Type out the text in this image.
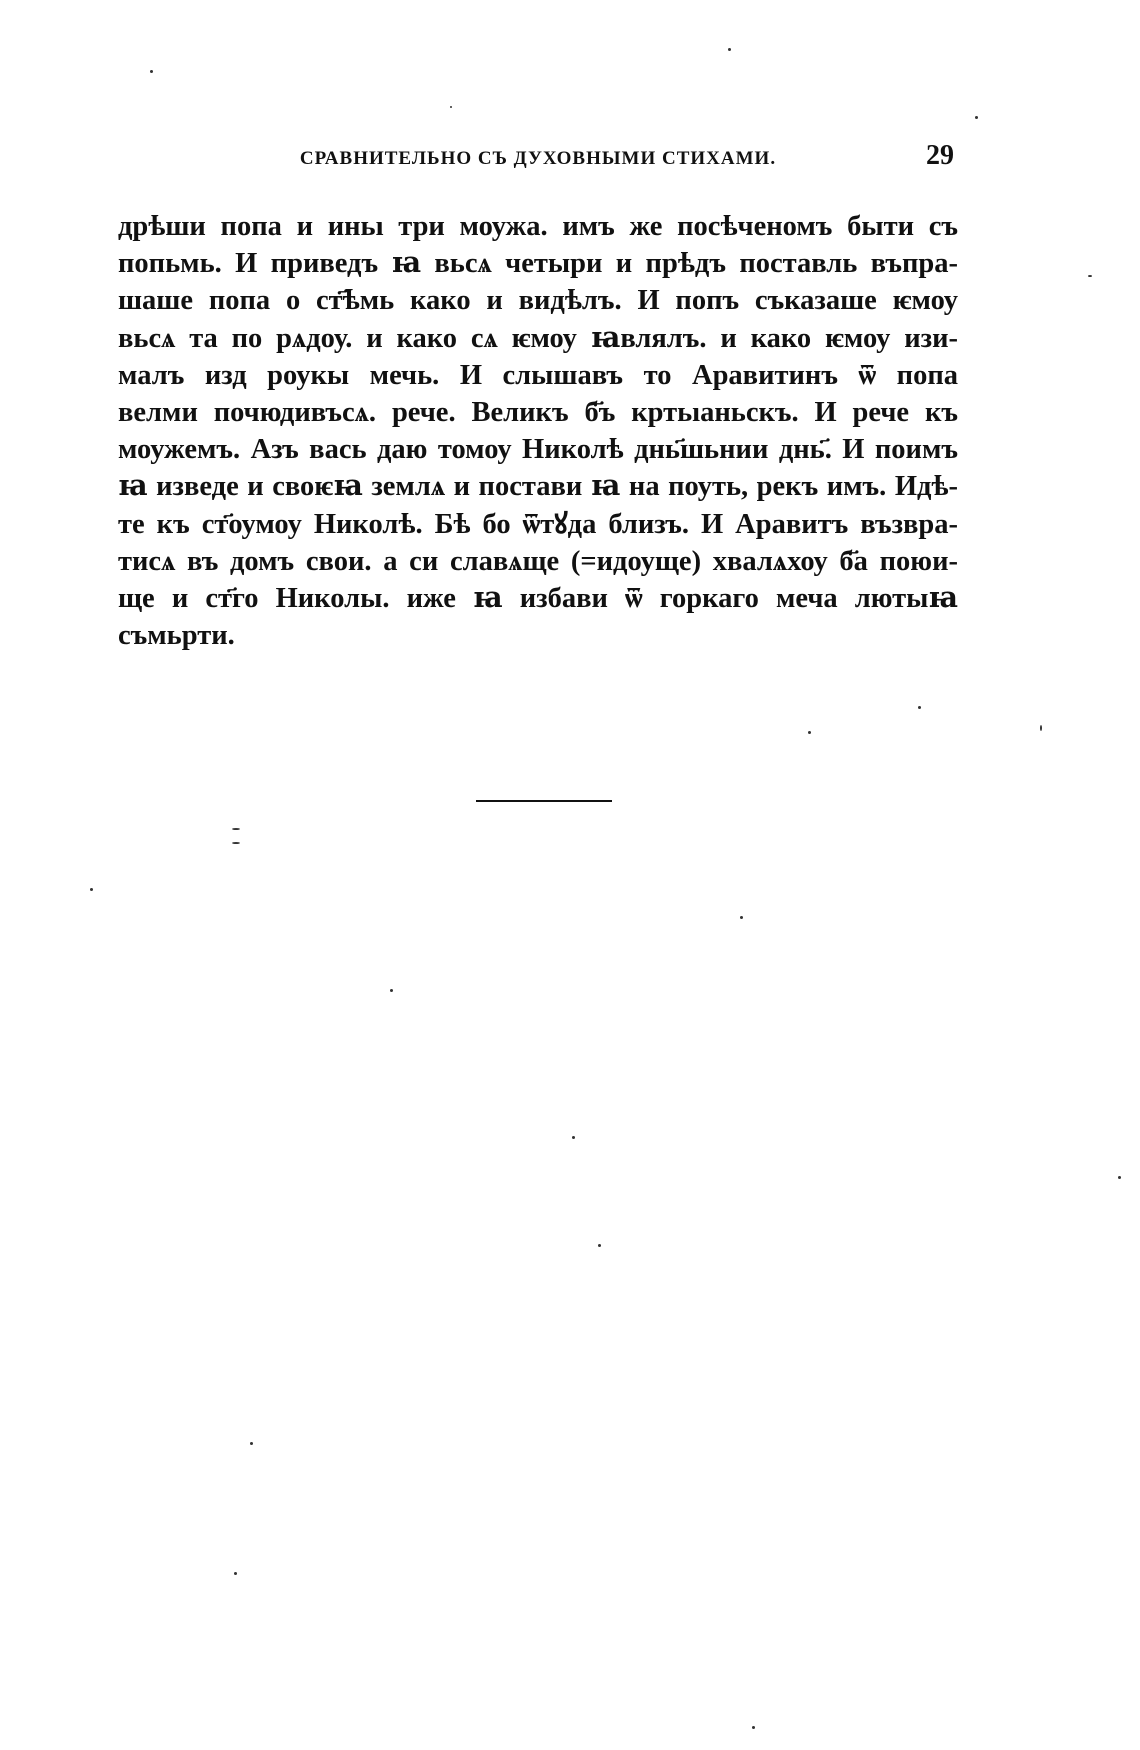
СРАВНИТЕЛЬНО СЪ ДУХОВНЫМИ СТИХАМИ.	29
дрѣши попа и иньı три моужа. имъ же посѣченомъ быти съ
попьмь. И приведъ ꙗ вьсѧ четыри и прѣдъ поставль въпра-
шаше попа о ст҃ѣмь како и видѣлъ. И попъ съказаше ѥмоу
вьсѧ та по рѧдоу. и како сѧ ѥмоу ꙗвлялъ. и како ѥмоу изи-
малъ изд роукы мечь. И слышавъ то Аравитинъ ѿ попа
велми почюдивъсѧ. рече. Великъ б҃ъ кртьıаньскъ. И рече къ
моужемъ. Азъ вась даю томоу Николѣ днь҃шьнии днь҃. И поимъ
ꙗ изведе и своѥꙗ землѧ и постави ꙗ на поуть, рекъ имъ. Идѣ-
те къ ст҃оумоу Николѣ. Бѣ бо ѿтꙋда близъ. И Аравитъ възвра-
тисѧ въ домъ свои. а си славѧще (=идоуще) хвалѧхоу б҃а поюи-
ще и ст҃го Николы. иже ꙗ избави ѿ горкаго меча лютыꙗ
съмьрти.
